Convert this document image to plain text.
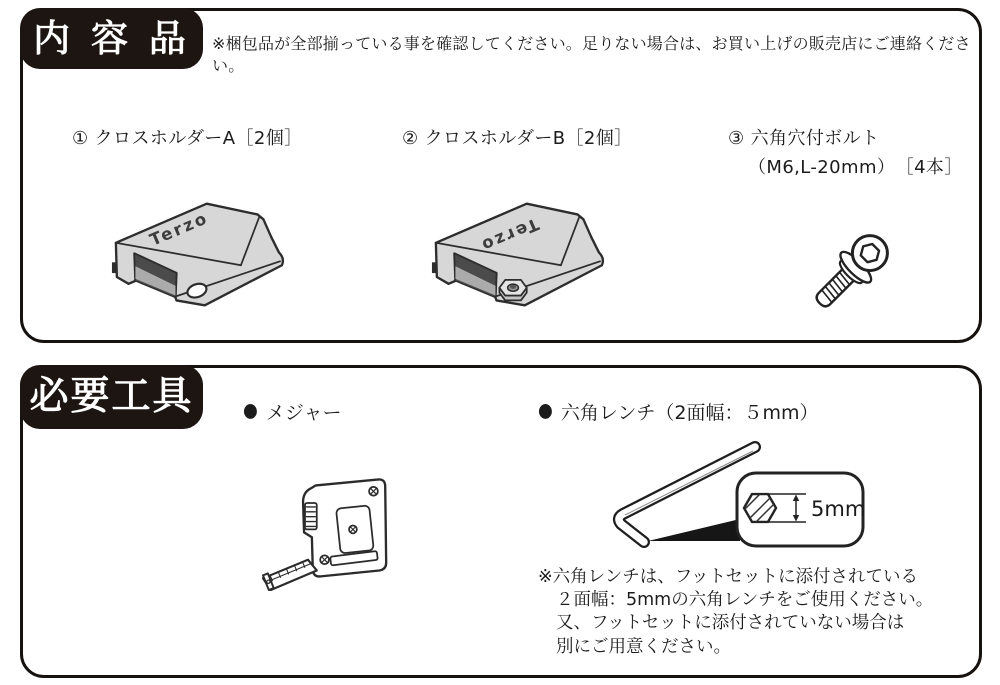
内 容 品	※梱包品が全部揃っている事を確認してください。足りない場合は、お買い上げの販売店にご連絡ください。
① クロスホルダーA［2個］	② クロスホルダーB［2個］	③ 六角穴付ボルト
（M6,L-20mm）　［4本］
Terzo	Terzo
必要工具	● メジャー	● 六角レンチ（2面幅：５mm）
5mm
※六角レンチは、フットセットに添付されている
２面幅：5mmの六角レンチをご使用ください。
又、フットセットに添付されていない場合は
別にご用意ください。
